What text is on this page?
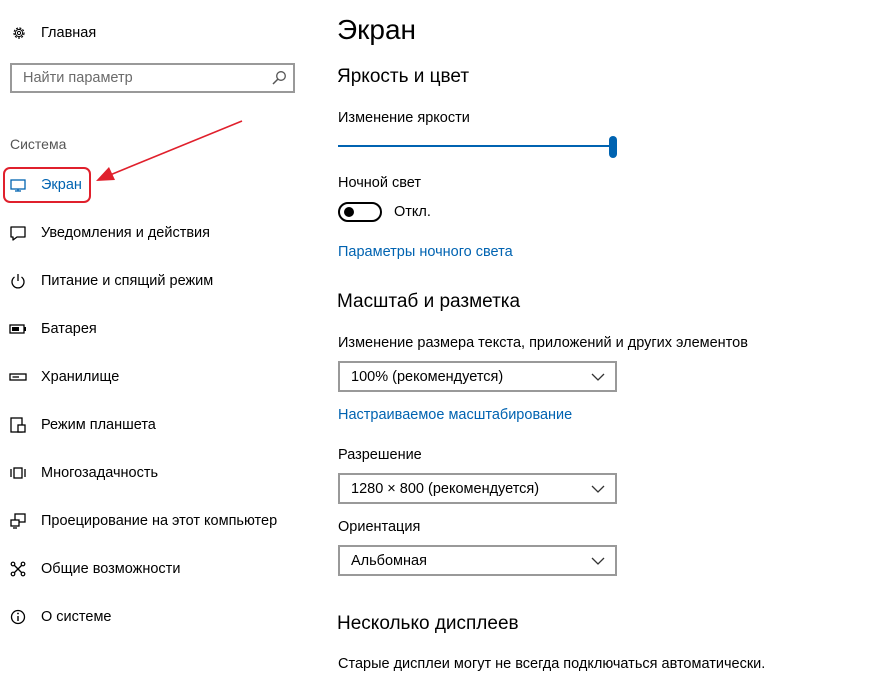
Главная
Найти параметр
Система
Экран
Уведомления и действия
Питание и спящий режим
Батарея
Хранилище
Режим планшета
Многозадачность
Проецирование на этот компьютер
Общие возможности
О системе
Экран
Яркость и цвет
Изменение яркости
Ночной свет
Откл.
Параметры ночного света
Масштаб и разметка
Изменение размера текста, приложений и других элементов
100% (рекомендуется)
Настраиваемое масштабирование
Разрешение
1280 × 800 (рекомендуется)
Ориентация
Альбомная
Несколько дисплеев
Старые дисплеи могут не всегда подключаться автоматически.
